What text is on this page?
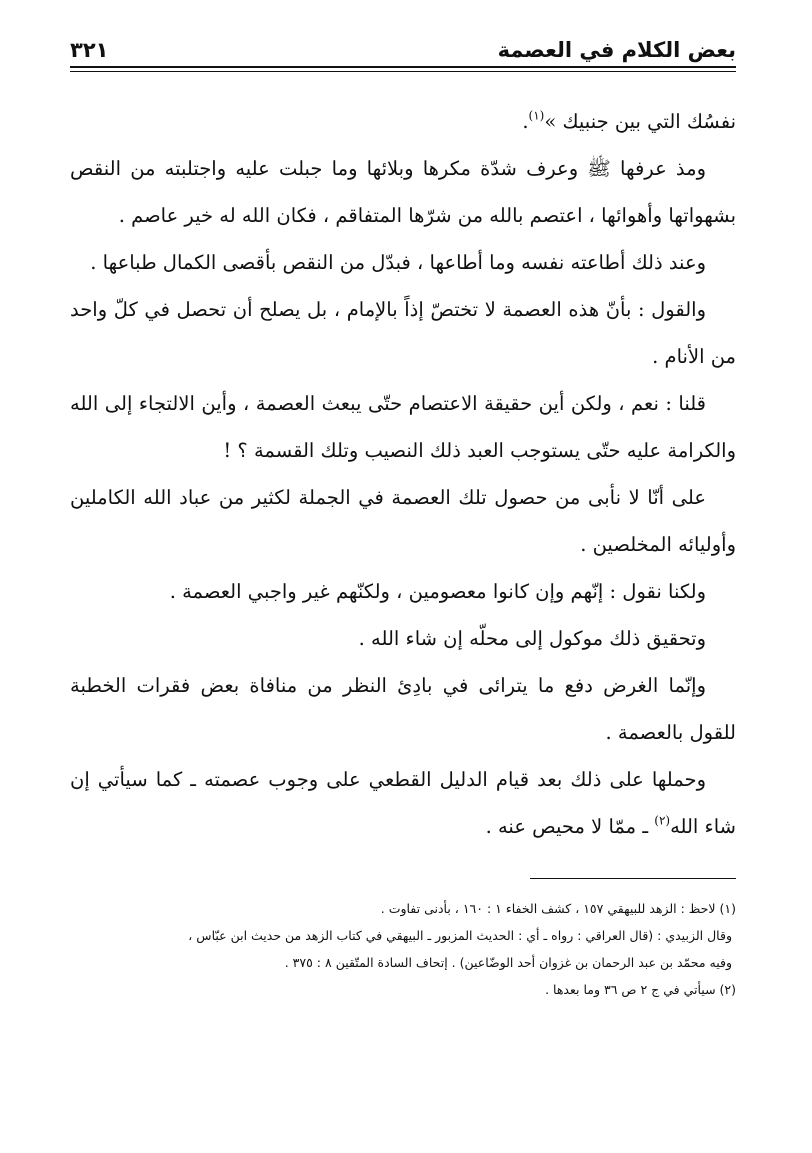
بعض الكلام في العصمة
٣٢١

نفسُك التي بين جنبيك »$^{(١)}$.

ومذ عرفها ﷺ وعرف شدّة مكرها وبلائها وما جبلت عليه واجتلبته من النقص بشهواتها وأهوائها ، اعتصم بالله من شرّها المتفاقم ، فكان الله له خير عاصم .

وعند ذلك أطاعته نفسه وما أطاعها ، فبدّل من النقص بأقصى الكمال طباعها .

والقول : بأنّ هذه العصمة لا تختصّ إذاً بالإمام ، بل يصلح أن تحصل في كلّ واحد من الأنام .

قلنا : نعم ، ولكن أين حقيقة الاعتصام حتّى يبعث العصمة ، وأين الالتجاء إلى الله والكرامة عليه حتّى يستوجب العبد ذلك النصيب وتلك القسمة ؟ !

على أنّا لا نأبى من حصول تلك العصمة في الجملة لكثير من عباد الله الكاملين وأوليائه المخلصين .

ولكنا نقول : إنّهم وإن كانوا معصومين ، ولكنّهم غير واجبي العصمة .

وتحقيق ذلك موكول إلى محلّه إن شاء الله .

وإنّما الغرض دفع ما يترائى في بادِئ النظر من منافاة بعض فقرات الخطبة للقول بالعصمة .

وحملها على ذلك بعد قيام الدليل القطعي على وجوب عصمته ـ كما سيأتي إن شاء الله$^{(٢)}$ ـ ممّا لا محيص عنه .

(١) لاحظ : الزهد للبيهقي ١٥٧ ، كشف الخفاء ١ : ١٦٠ ، بأدنى تفاوت .

وقال الزبيدي : (قال العراقي : رواه ـ أي : الحديث المزبور ـ البيهقي في كتاب الزهد من حديث ابن عبّاس ،

وفيه محمّد بن عبد الرحمان بن غزوان أحد الوضّاعين) . إتحاف السادة المتّقين ٨ : ٣٧٥ .

(٢) سيأتي في ج ٢ ص ٣٦ وما بعدها .
